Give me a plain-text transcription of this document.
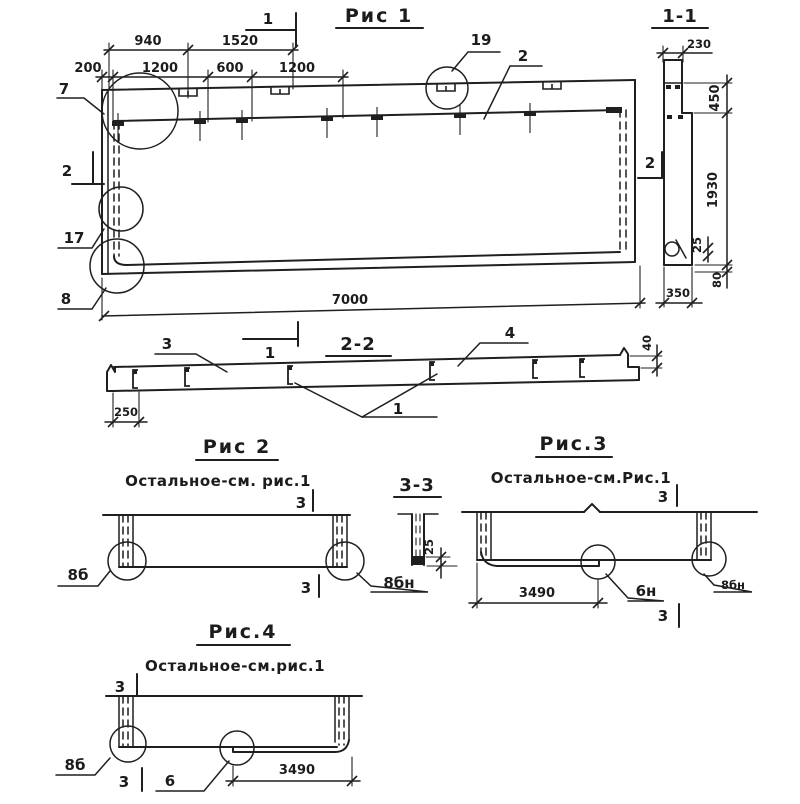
Рис 1
1
1
940	1520
200	1200	600	1200
7
2
17
8
19
2
7000
1-1
230
450
1930
25
80
350
2
2-2
3
4
1
250
40
3-3
25
Рис 2
Остальное-см. рис.1
3
3
8б	8бн
Рис.3
Остальное-см.Рис.1
3
3
3490	6н	8бн
Рис.4
Остальное-см.рис.1
3
3
8б
6
3490
